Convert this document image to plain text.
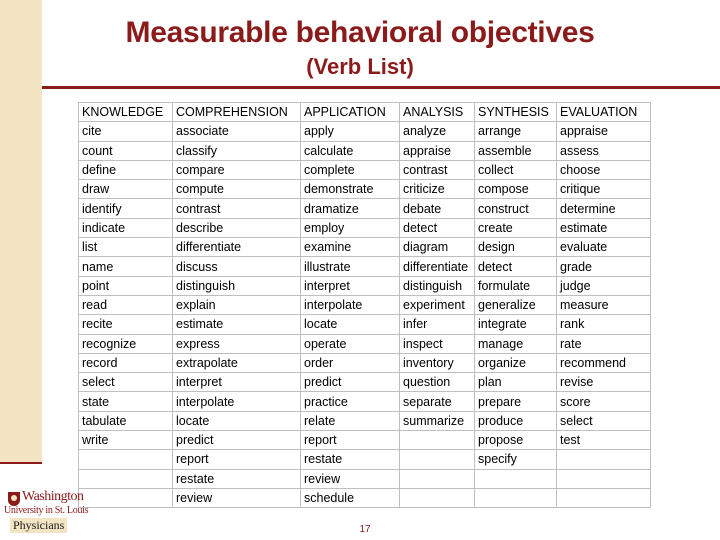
Measurable behavioral objectives
(Verb List)
KNOWLEDGE	COMPREHENSION	APPLICATION	ANALYSIS	SYNTHESIS	EVALUATION
cite	associate	apply	analyze	arrange	appraise
count	classify	calculate	appraise	assemble	assess
define	compare	complete	contrast	collect	choose
draw	compute	demonstrate	criticize	compose	critique
identify	contrast	dramatize	debate	construct	determine
indicate	describe	employ	detect	create	estimate
list	differentiate	examine	diagram	design	evaluate
name	discuss	illustrate	differentiate	detect	grade
point	distinguish	interpret	distinguish	formulate	judge
read	explain	interpolate	experiment	generalize	measure
recite	estimate	locate	infer	integrate	rank
recognize	express	operate	inspect	manage	rate
record	extrapolate	order	inventory	organize	recommend
select	interpret	predict	question	plan	revise
state	interpolate	practice	separate	prepare	score
tabulate	locate	relate	summarize	produce	select
write	predict	report		propose	test
	report	restate		specify	
	restate	review			
	review	schedule			
Washington
University in St. Louis
Physicians	17
